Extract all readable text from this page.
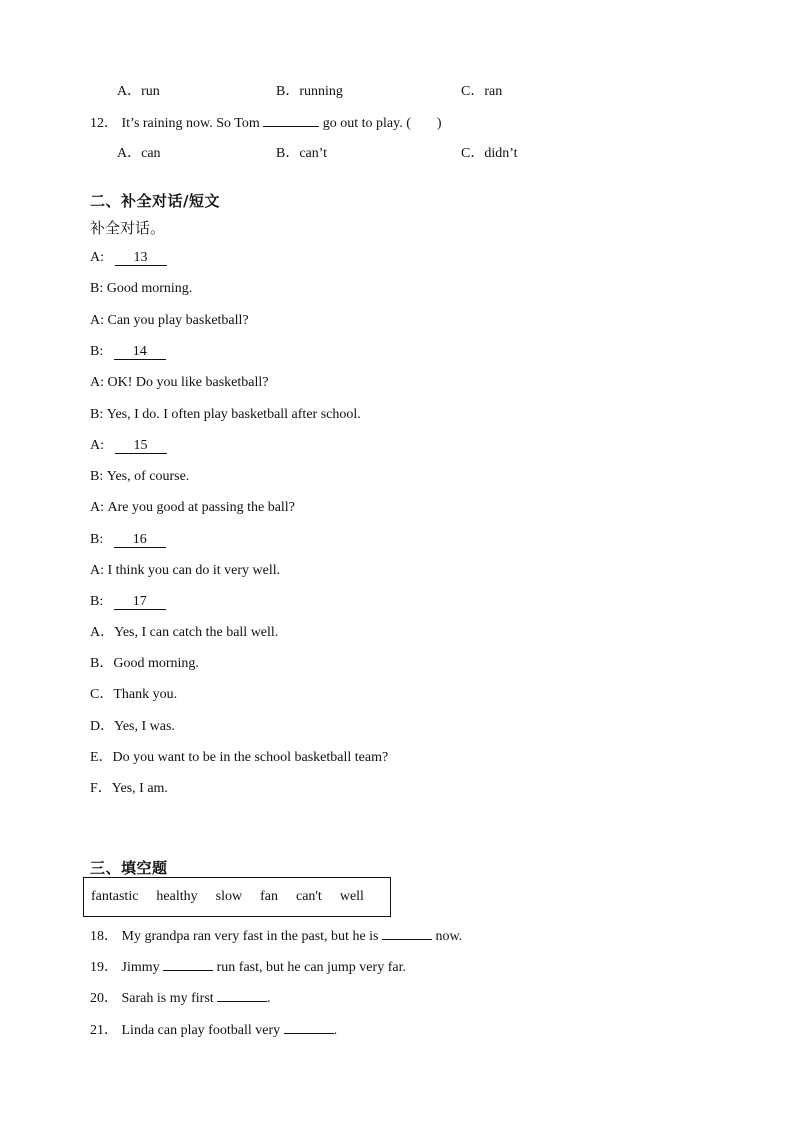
A．run	B．running	C．ran
12． It’s raining now. So Tom	go out to play. ( )
A．can	B．can’t	C．didn’t
二、补全对话/短文
补全对话。
A: 13
B: Good morning.
A: Can you play basketball?
B: 14
A: OK! Do you like basketball?
B: Yes, I do. I often play basketball after school.
A: 15
B: Yes, of course.
A: Are you good at passing the ball?
B: 16
A: I think you can do it very well.
B: 17
A．Yes, I can catch the ball well.
B．Good morning.
C．Thank you.
D．Yes, I was.
E．Do you want to be in the school basketball team?
F．Yes, I am.
三、填空题
fantastic healthy slow fan can't well
18． My grandpa ran very fast in the past, but he is	now.
19． Jimmy	run fast, but he can jump very far.
20． Sarah is my first	.
21． Linda can play football very	.
